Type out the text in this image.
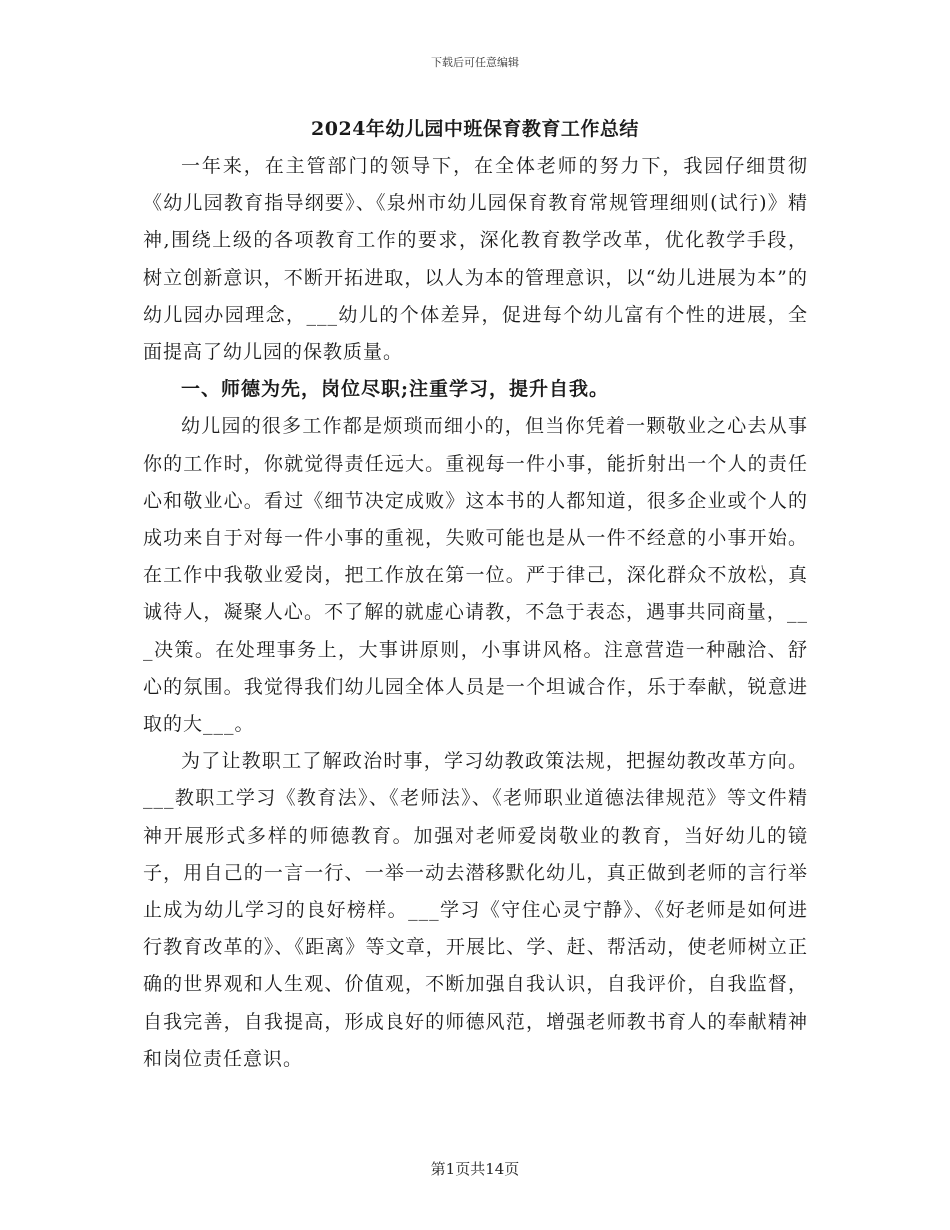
下载后可任意编辑
2024年幼儿园中班保育教育工作总结

一年来，在主管部门的领导下，在全体老师的努力下，我园仔细贯彻《幼儿园教育指导纲要》、《泉州市幼儿园保育教育常规管理细则(试行)》精神,围绕上级的各项教育工作的要求，深化教育教学改革，优化教学手段，树立创新意识，不断开拓进取，以人为本的管理意识，以“幼儿进展为本”的幼儿园办园理念，___幼儿的个体差异，促进每个幼儿富有个性的进展，全面提高了幼儿园的保教质量。

一、师德为先，岗位尽职;注重学习，提升自我。

幼儿园的很多工作都是烦琐而细小的，但当你凭着一颗敬业之心去从事你的工作时，你就觉得责任远大。重视每一件小事，能折射出一个人的责任心和敬业心。看过《细节决定成败》这本书的人都知道，很多企业或个人的成功来自于对每一件小事的重视，失败可能也是从一件不经意的小事开始。在工作中我敬业爱岗，把工作放在第一位。严于律己，深化群众不放松，真诚待人，凝聚人心。不了解的就虚心请教，不急于表态，遇事共同商量，___决策。在处理事务上，大事讲原则，小事讲风格。注意营造一种融洽、舒心的氛围。我觉得我们幼儿园全体人员是一个坦诚合作，乐于奉献，锐意进取的大___。

为了让教职工了解政治时事，学习幼教政策法规，把握幼教改革方向。___教职工学习《教育法》、《老师法》、《老师职业道德法律规范》等文件精神开展形式多样的师德教育。加强对老师爱岗敬业的教育，当好幼儿的镜子，用自己的一言一行、一举一动去潜移默化幼儿，真正做到老师的言行举止成为幼儿学习的良好榜样。___学习《守住心灵宁静》、《好老师是如何进行教育改革的》、《距离》等文章，开展比、学、赶、帮活动，使老师树立正确的世界观和人生观、价值观，不断加强自我认识，自我评价，自我监督，自我完善，自我提高，形成良好的师德风范，增强老师教书育人的奉献精神和岗位责任意识。

第1页共14页
